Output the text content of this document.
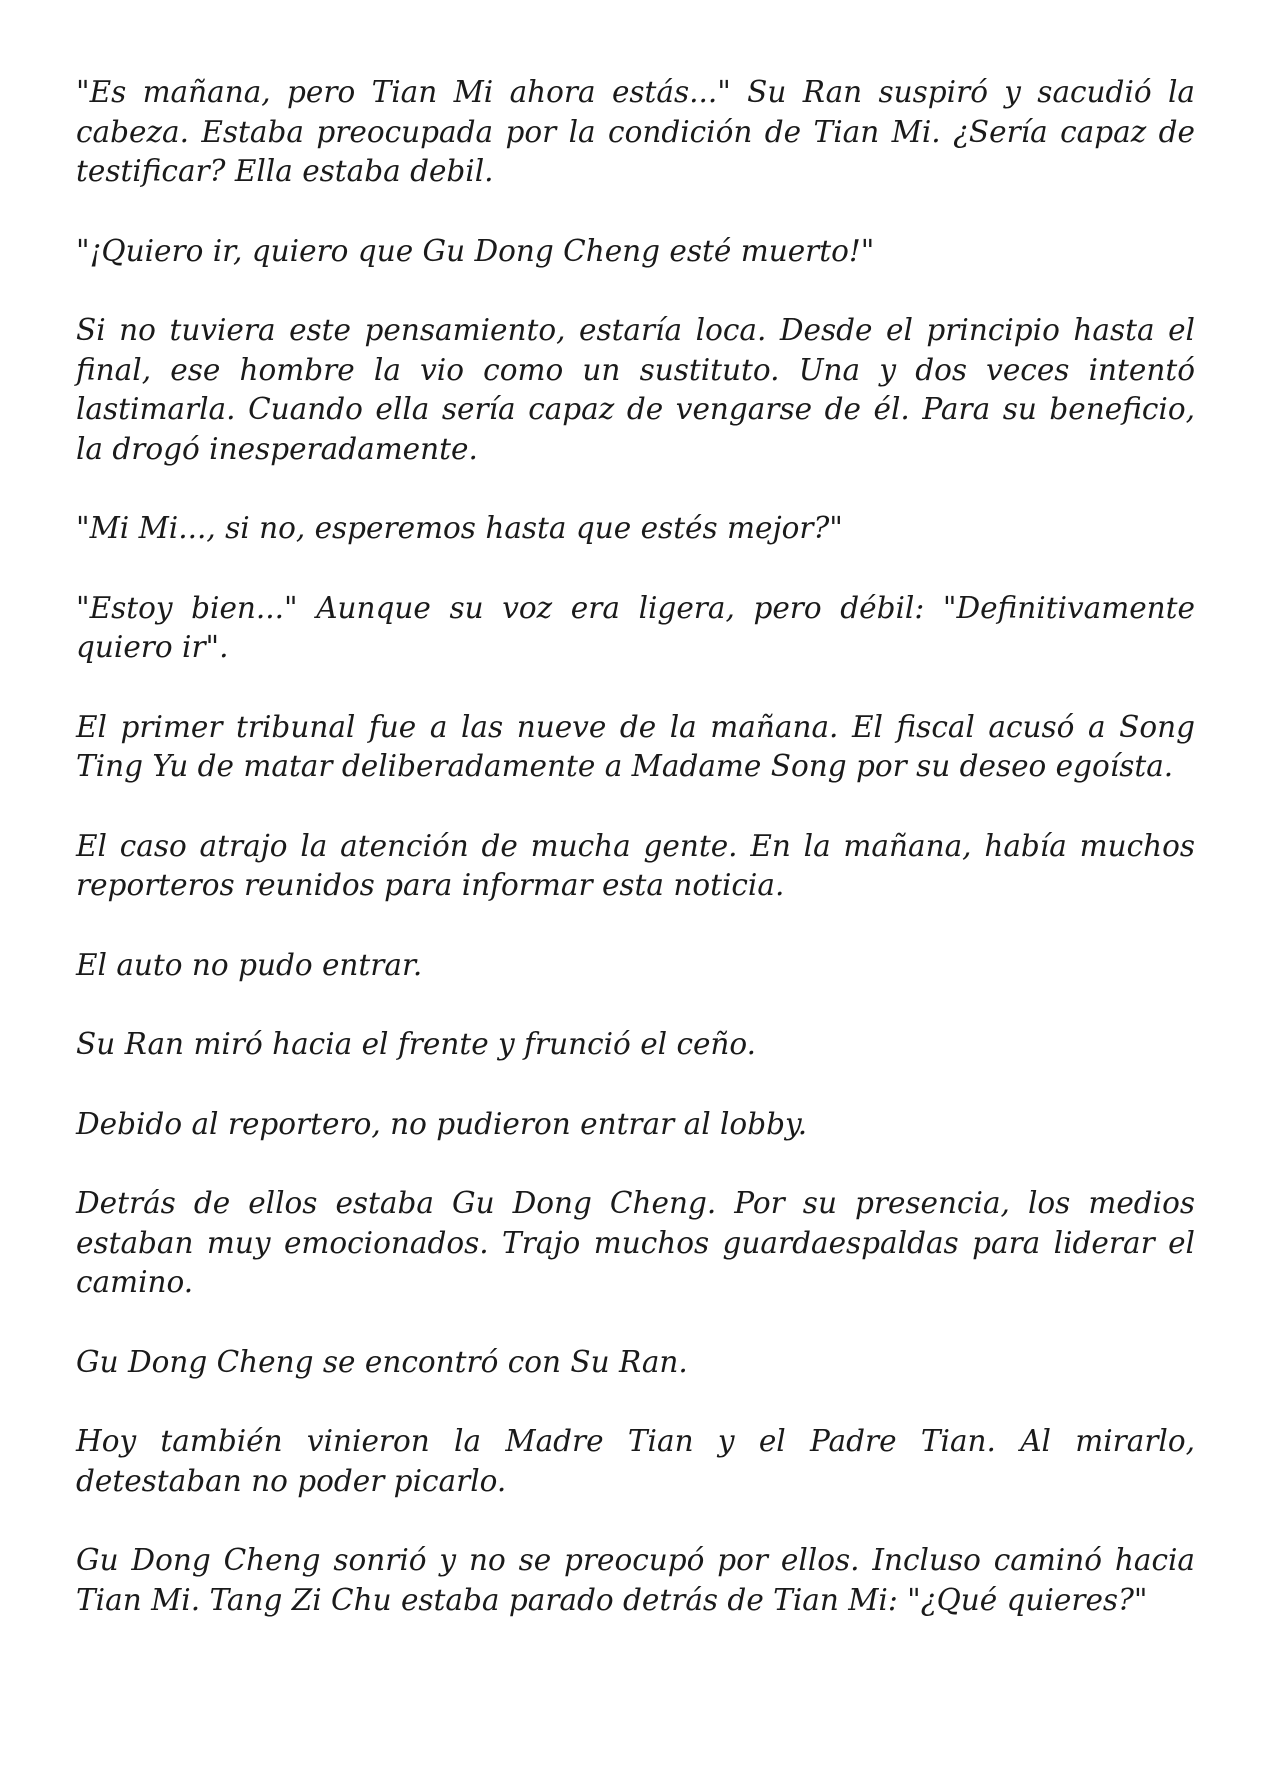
"Es mañana, pero Tian Mi ahora estás..." Su Ran suspiró y sacudió la cabeza. Estaba preocupada por la condición de Tian Mi. ¿Sería capaz de testificar? Ella estaba debil.

"¡Quiero ir, quiero que Gu Dong Cheng esté muerto!"

Si no tuviera este pensamiento, estaría loca. Desde el principio hasta el final, ese hombre la vio como un sustituto. Una y dos veces intentó lastimarla. Cuando ella sería capaz de vengarse de él. Para su beneficio, la drogó inesperadamente.

"Mi Mi..., si no, esperemos hasta que estés mejor?"

"Estoy bien..." Aunque su voz era ligera, pero débil: "Definitivamente quiero ir".

El primer tribunal fue a las nueve de la mañana. El fiscal acusó a Song Ting Yu de matar deliberadamente a Madame Song por su deseo egoísta.

El caso atrajo la atención de mucha gente. En la mañana, había muchos reporteros reunidos para informar esta noticia.

El auto no pudo entrar.

Su Ran miró hacia el frente y frunció el ceño.

Debido al reportero, no pudieron entrar al lobby.

Detrás de ellos estaba Gu Dong Cheng. Por su presencia, los medios estaban muy emocionados. Trajo muchos guardaespaldas para liderar el camino.

Gu Dong Cheng se encontró con Su Ran.

Hoy también vinieron la Madre Tian y el Padre Tian. Al mirarlo, detestaban no poder picarlo.

Gu Dong Cheng sonrió y no se preocupó por ellos. Incluso caminó hacia Tian Mi. Tang Zi Chu estaba parado detrás de Tian Mi: "¿Qué quieres?"
